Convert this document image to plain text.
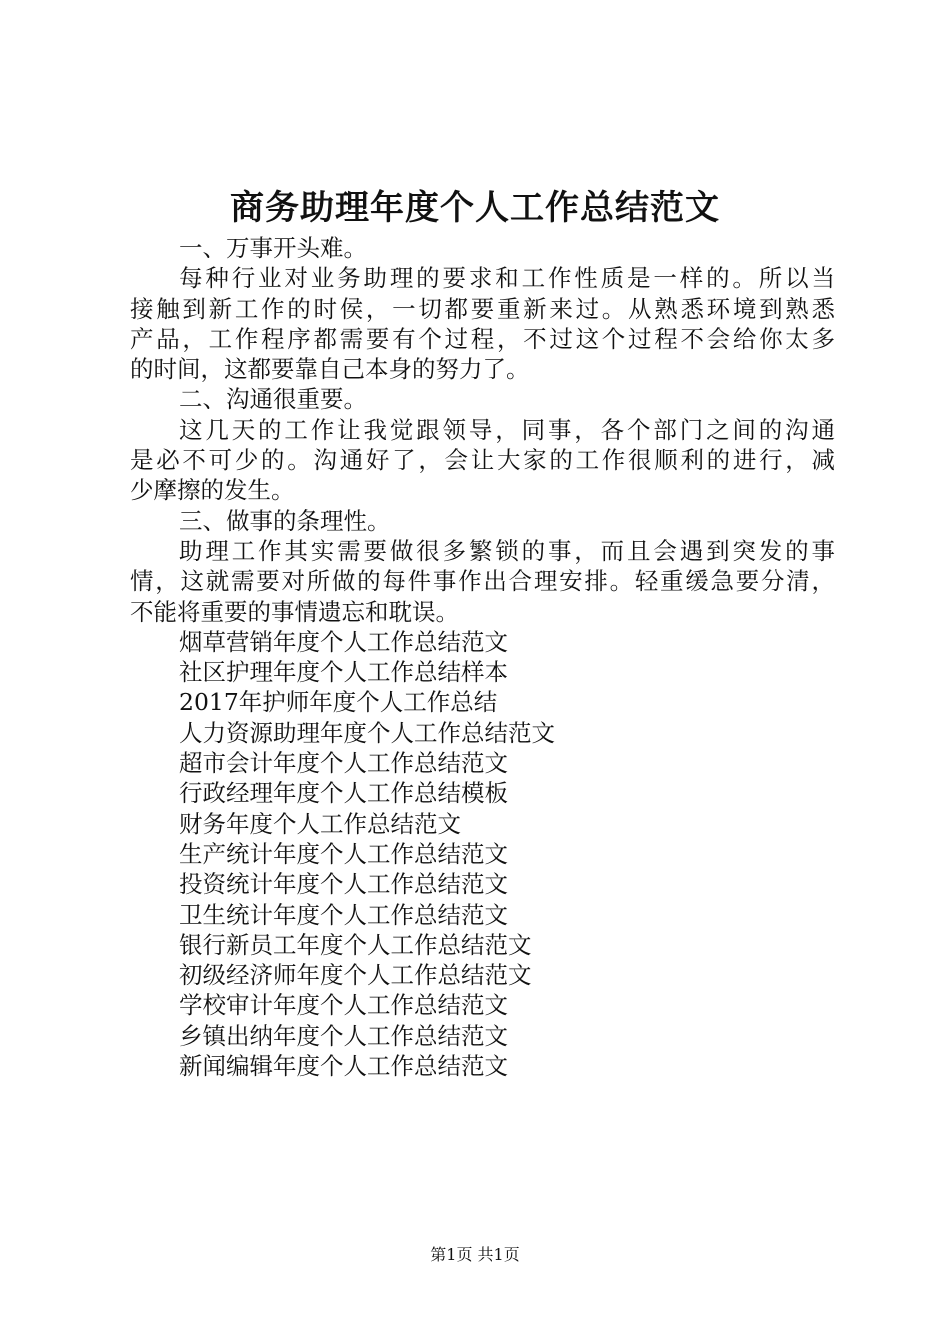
商务助理年度个人工作总结范文
一、万事开头难。
每种行业对业务助理的要求和工作性质是一样的。所以当
接触到新工作的时侯，一切都要重新来过。从熟悉环境到熟悉
产品，工作程序都需要有个过程，不过这个过程不会给你太多
的时间，这都要靠自己本身的努力了。
二、沟通很重要。
这几天的工作让我觉跟领导，同事，各个部门之间的沟通
是必不可少的。沟通好了，会让大家的工作很顺利的进行，减
少摩擦的发生。
三、做事的条理性。
助理工作其实需要做很多繁锁的事，而且会遇到突发的事
情，这就需要对所做的每件事作出合理安排。轻重缓急要分清，
不能将重要的事情遗忘和耽误。
烟草营销年度个人工作总结范文
社区护理年度个人工作总结样本
2017年护师年度个人工作总结
人力资源助理年度个人工作总结范文
超市会计年度个人工作总结范文
行政经理年度个人工作总结模板
财务年度个人工作总结范文
生产统计年度个人工作总结范文
投资统计年度个人工作总结范文
卫生统计年度个人工作总结范文
银行新员工年度个人工作总结范文
初级经济师年度个人工作总结范文
学校审计年度个人工作总结范文
乡镇出纳年度个人工作总结范文
新闻编辑年度个人工作总结范文
第1页 共1页
